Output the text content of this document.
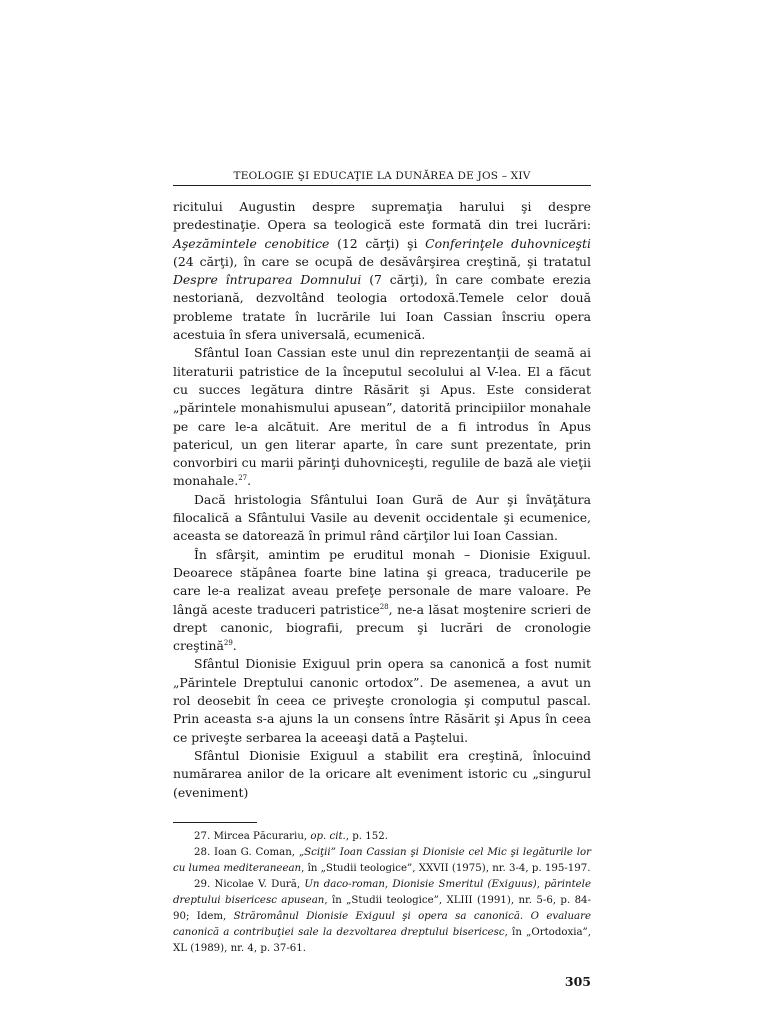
TEOLOGIE ŞI EDUCAŢIE LA DUNĂREA DE JOS – XIV

ricitului Augustin despre supremaţia harului şi despre predestinaţie. Opera sa teologică este formată din trei lucrări: Aşezămintele cenobitice (12 cărţi) şi Conferinţele duhovniceşti (24 cărţi), în care se ocupă de desăvârşirea creştină, şi tratatul Despre întruparea Domnului (7 cărţi), în care combate erezia nestoriană, dezvoltând teologia ortodoxă.Temele celor două probleme tratate în lucrările lui Ioan Cassian înscriu opera acestuia în sfera universală, ecumenică.

Sfântul Ioan Cassian este unul din reprezentanţii de seamă ai literaturii patristice de la începutul secolului al V-lea. El a făcut cu succes legătura dintre Răsărit şi Apus. Este considerat „părintele monahismului apusean”, datorită principiilor monahale pe care le-a alcătuit. Are meritul de a fi introdus în Apus patericul, un gen literar aparte, în care sunt prezentate, prin convorbiri cu marii părinţi duhovniceşti, regulile de bază ale vieţii monahale.$^{27}$.

Dacă hristologia Sfântului Ioan Gură de Aur şi învăţătura filocalică a Sfântului Vasile au devenit occidentale şi ecumenice, aceasta se datorează în primul rând cărţilor lui Ioan Cassian.

În sfârşit, amintim pe eruditul monah – Dionisie Exiguul. Deoarece stăpânea foarte bine latina şi greaca, traducerile pe care le-a realizat aveau prefeţe personale de mare valoare. Pe lângă aceste traduceri patristice$^{28}$, ne-a lăsat moştenire scrieri de drept canonic, biografii, precum şi lucrări de cronologie creştină$^{29}$.

Sfântul Dionisie Exiguul prin opera sa canonică a fost numit „Părintele Dreptului canonic ortodox”. De asemenea, a avut un rol deosebit în ceea ce priveşte cronologia şi computul pascal. Prin aceasta s-a ajuns la un consens între Răsărit şi Apus în ceea ce priveşte serbarea la aceeaşi dată a Paştelui.

Sfântul Dionisie Exiguul a stabilit era creştină, înlocuind numărarea anilor de la oricare alt eveniment istoric cu „singurul (eveniment)

27. Mircea Păcurariu, op. cit., p. 152.

28. Ioan G. Coman, „Sciţii” Ioan Cassian şi Dionisie cel Mic şi legăturile lor cu lumea mediteraneean, în „Studii teologice”, XXVII (1975), nr. 3-4, p. 195-197.

29. Nicolae V. Dură, Un daco-roman, Dionisie Smeritul (Exiguus), părintele dreptului bisericesc apusean, în „Studii teologice”, XLIII (1991), nr. 5-6, p. 84-90; Idem, Străromânul Dionisie Exiguul şi opera sa canonică. O evaluare canonică a contribuţiei sale la dezvoltarea dreptului bisericesc, în „Ortodoxia”, XL (1989), nr. 4, p. 37-61.

305
